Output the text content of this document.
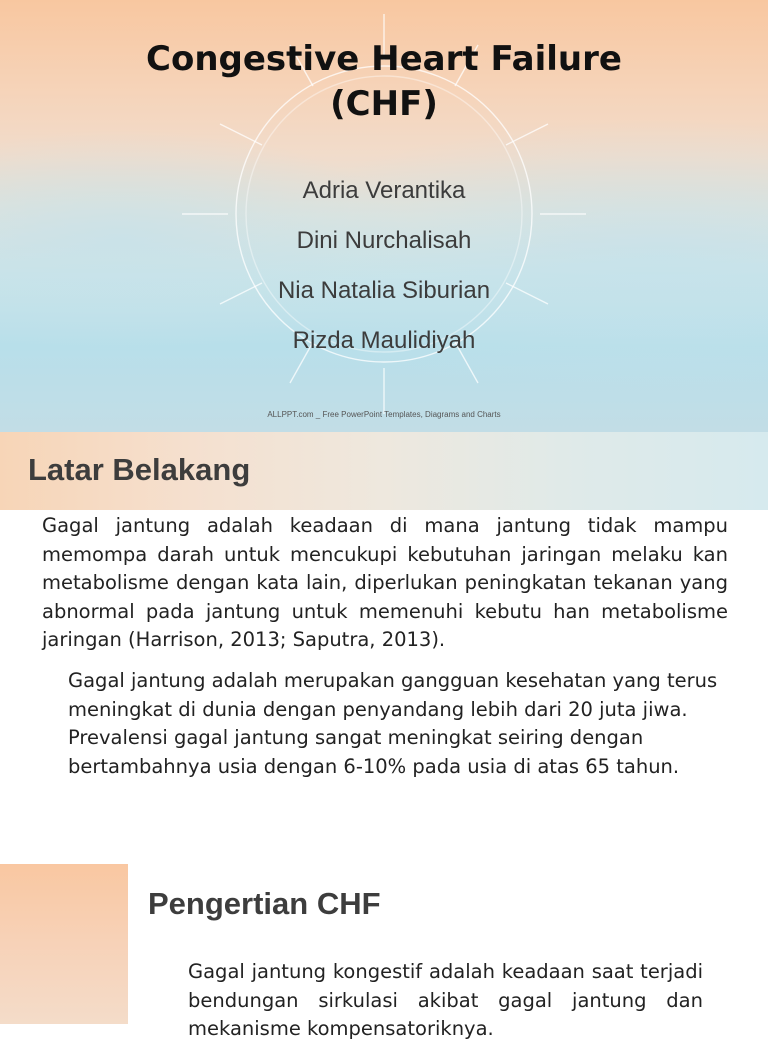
Congestive Heart Failure
(CHF)
Adria Verantika
Dini Nurchalisah
Nia Natalia Siburian
Rizda Maulidiyah
ALLPPT.com _ Free PowerPoint Templates, Diagrams and Charts
Latar Belakang

Gagal jantung adalah keadaan di mana jantung tidak mampu memompa darah untuk mencukupi kebutuhan jaringan melaku kan metabolisme dengan kata lain, diperlukan peningkatan tekanan yang abnormal pada jantung untuk memenuhi kebutu han metabolisme jaringan (Harrison, 2013; Saputra, 2013).

Gagal jantung adalah merupakan gangguan kesehatan yang terus meningkat di dunia dengan penyandang lebih dari 20 juta jiwa. Prevalensi gagal jantung sangat meningkat seiring dengan bertambahnya usia dengan 6-10% pada usia di atas 65 tahun.

Pengertian CHF

Gagal jantung kongestif adalah keadaan saat terjadi bendungan sirkulasi akibat gagal jantung dan mekanisme kompensatoriknya.
